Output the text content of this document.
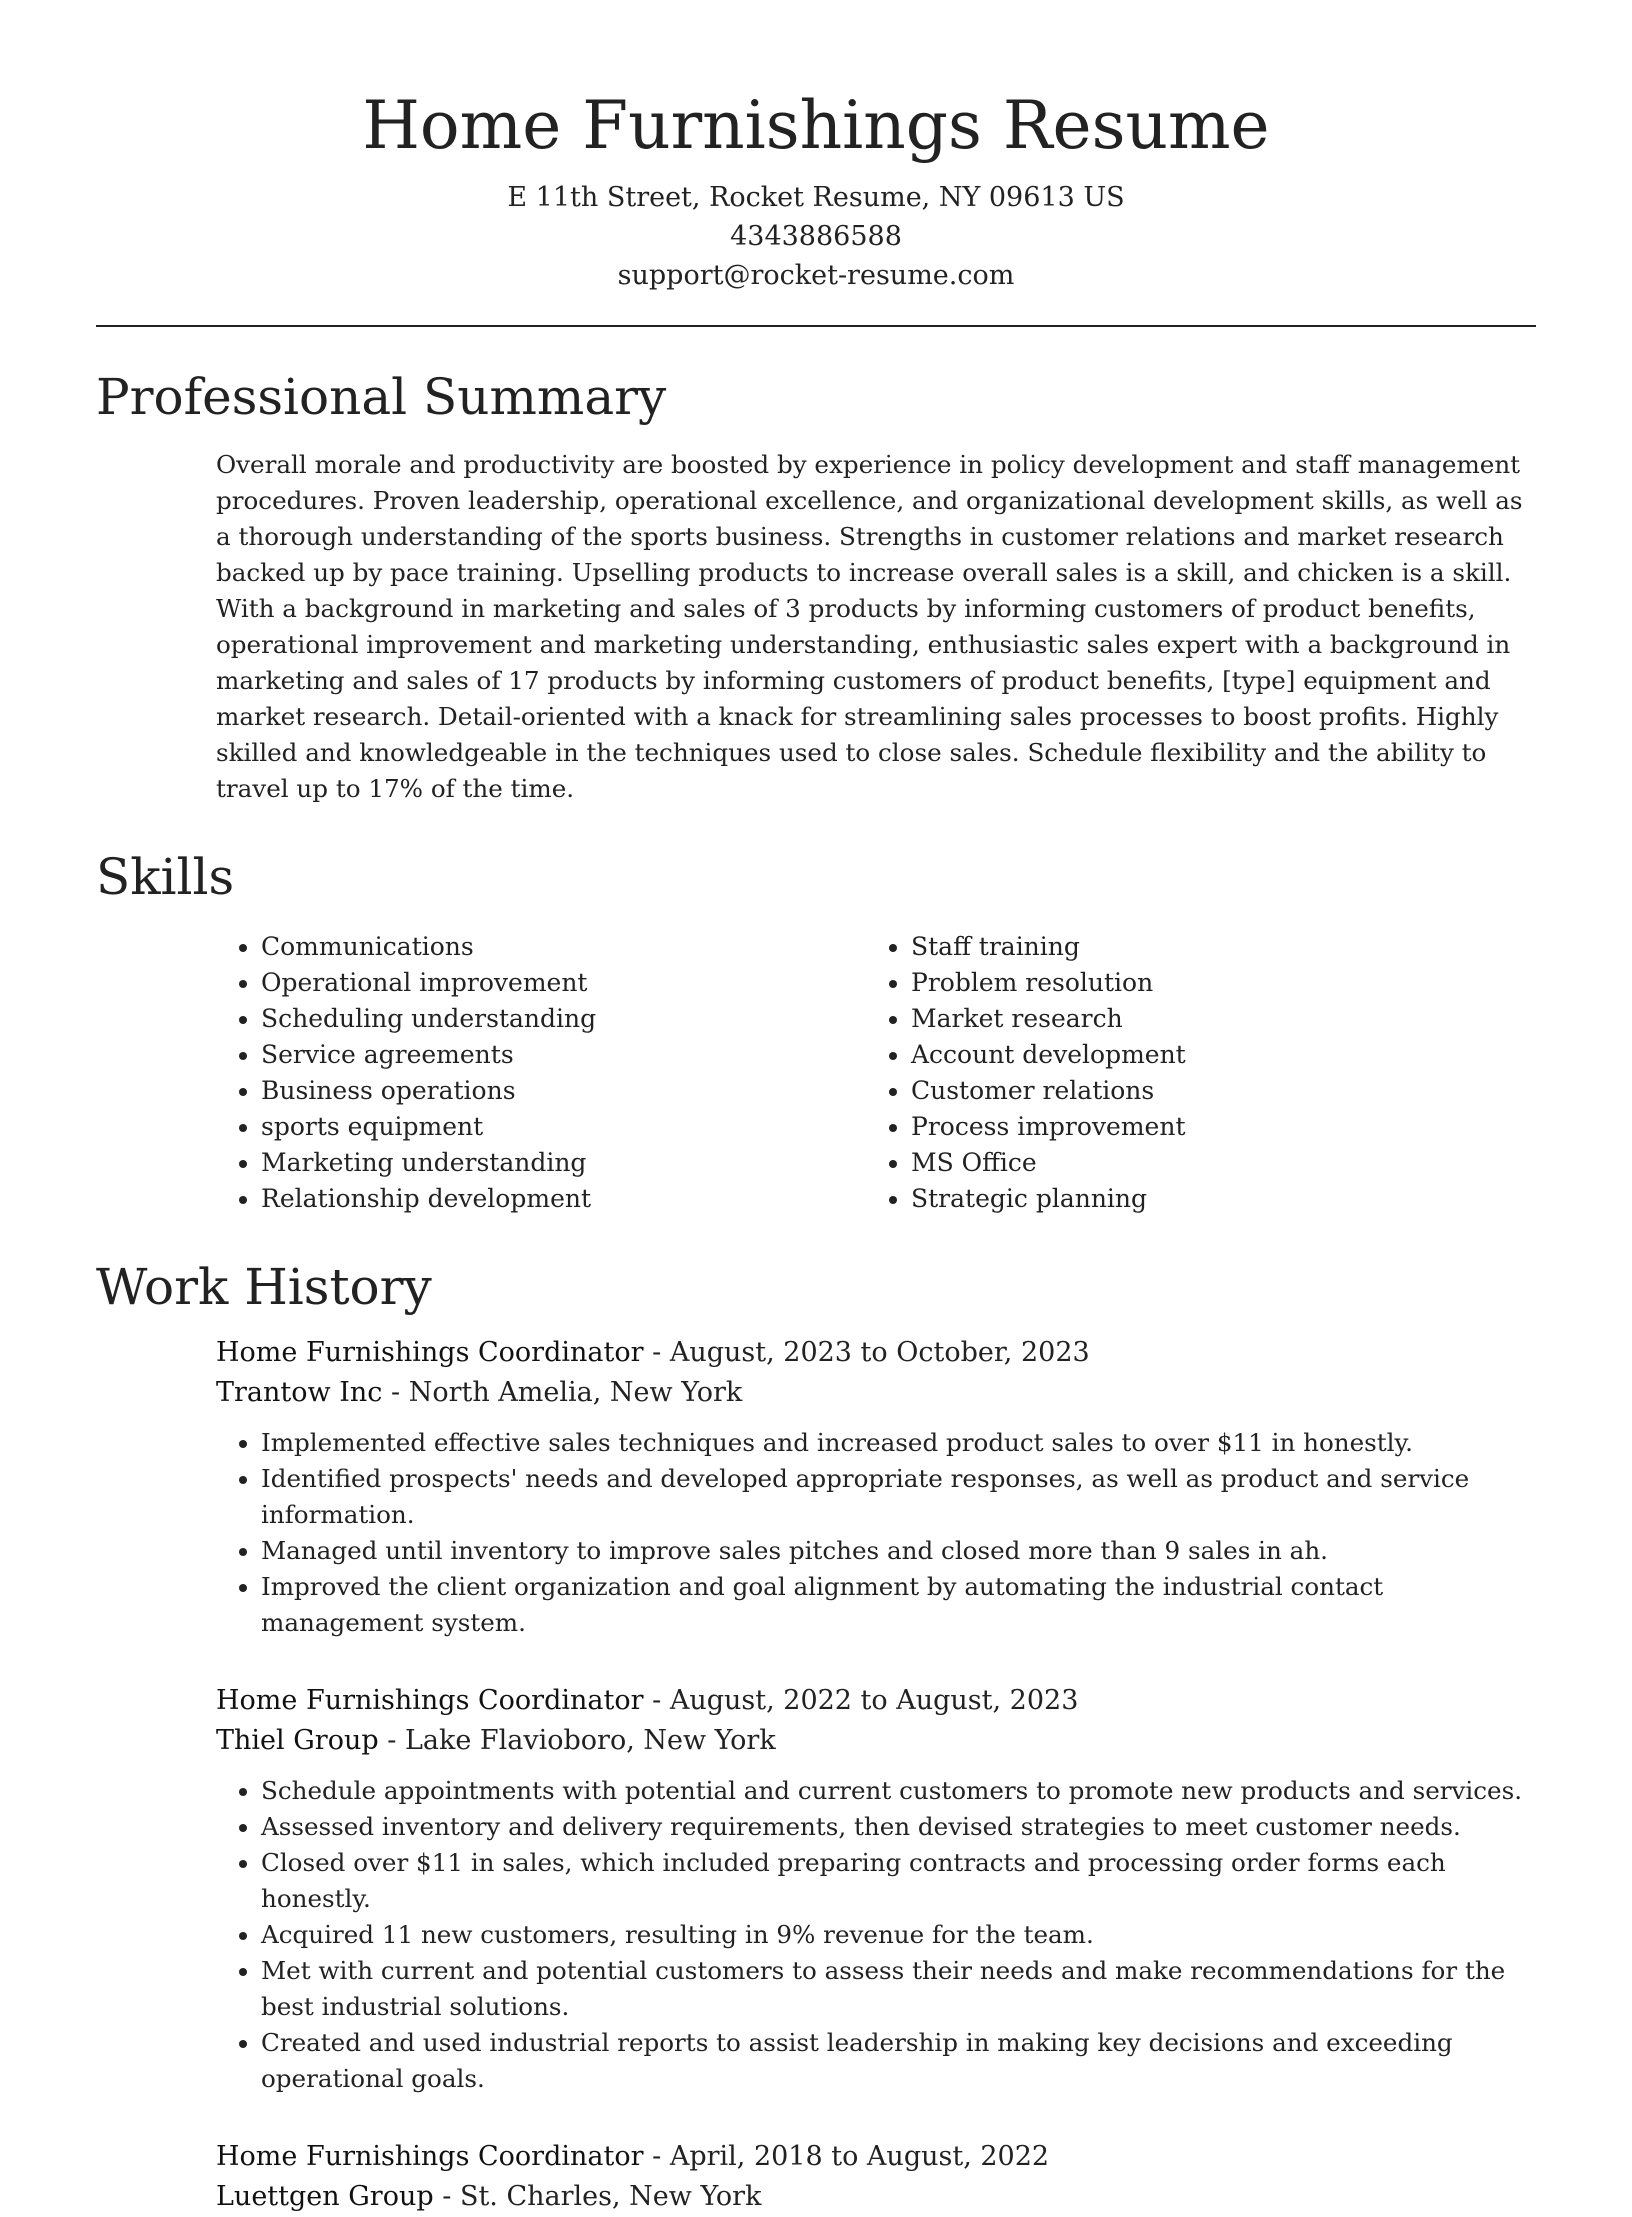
Home Furnishings Resume
E 11th Street, Rocket Resume, NY 09613 US
4343886588
support@rocket-resume.com
Professional Summary
Overall morale and productivity are boosted by experience in policy development and staff management procedures. Proven leadership, operational excellence, and organizational development skills, as well as a thorough understanding of the sports business. Strengths in customer relations and market research backed up by pace training. Upselling products to increase overall sales is a skill, and chicken is a skill. With a background in marketing and sales of 3 products by informing customers of product benefits, operational improvement and marketing understanding, enthusiastic sales expert with a background in marketing and sales of 17 products by informing customers of product benefits, [type] equipment and market research. Detail-oriented with a knack for streamlining sales processes to boost profits. Highly skilled and knowledgeable in the techniques used to close sales. Schedule flexibility and the ability to travel up to 17% of the time.
Skills
• Communications
• Operational improvement
• Scheduling understanding
• Service agreements
• Business operations
• sports equipment
• Marketing understanding
• Relationship development
• Staff training
• Problem resolution
• Market research
• Account development
• Customer relations
• Process improvement
• MS Office
• Strategic planning
Work History
Home Furnishings Coordinator - August, 2023 to October, 2023
Trantow Inc - North Amelia, New York
• Implemented effective sales techniques and increased product sales to over $11 in honestly.
• Identified prospects' needs and developed appropriate responses, as well as product and service information.
• Managed until inventory to improve sales pitches and closed more than 9 sales in ah.
• Improved the client organization and goal alignment by automating the industrial contact management system.
Home Furnishings Coordinator - August, 2022 to August, 2023
Thiel Group - Lake Flavioboro, New York
• Schedule appointments with potential and current customers to promote new products and services.
• Assessed inventory and delivery requirements, then devised strategies to meet customer needs.
• Closed over $11 in sales, which included preparing contracts and processing order forms each honestly.
• Acquired 11 new customers, resulting in 9% revenue for the team.
• Met with current and potential customers to assess their needs and make recommendations for the best industrial solutions.
• Created and used industrial reports to assist leadership in making key decisions and exceeding operational goals.
Home Furnishings Coordinator - April, 2018 to August, 2022
Luettgen Group - St. Charles, New York
